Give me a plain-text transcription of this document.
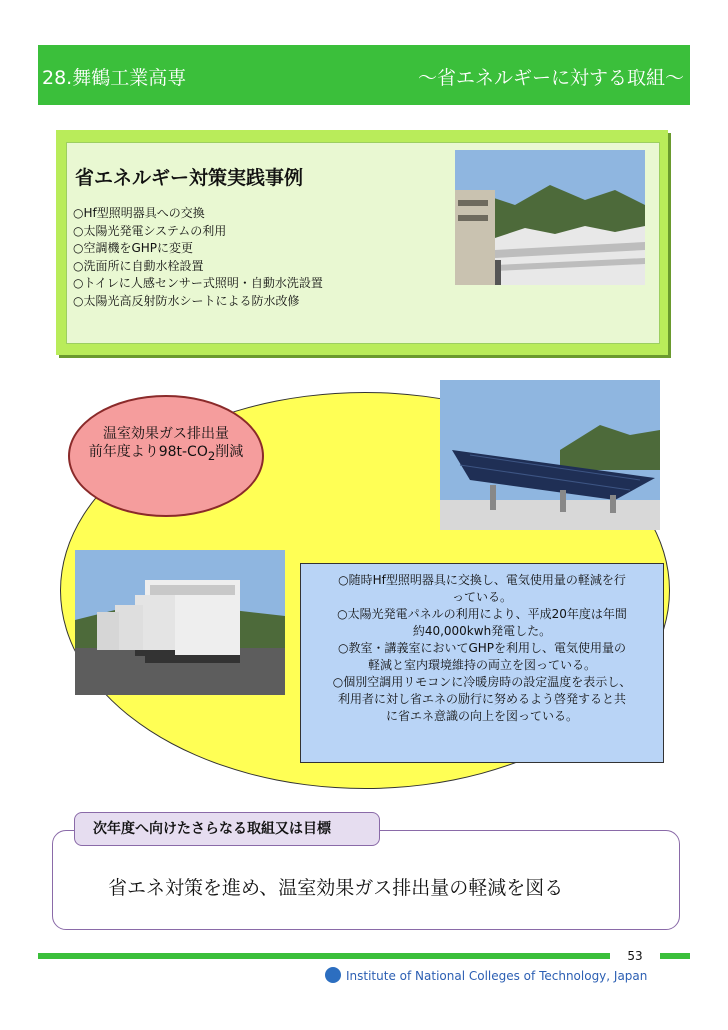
28.舞鶴工業高専	～省エネルギーに対する取組～
省エネルギー対策実践事例
○Hf型照明器具への交換
○太陽光発電システムの利用
○空調機をGHPに変更
○洗面所に自動水栓設置
○トイレに人感センサー式照明・自動水洗設置
○太陽光高反射防水シートによる防水改修
温室効果ガス排出量
前年度より$98t-CO_2$削減
○随時Hf型照明器具に交換し、電気使用量の軽減を行
っている。
○太陽光発電パネルの利用により、平成20年度は年間
約40,000kwh発電した。
○教室・講義室においてGHPを利用し、電気使用量の
軽減と室内環境維持の両立を図っている。
○個別空調用リモコンに冷暖房時の設定温度を表示し、
利用者に対し省エネの励行に努めるよう啓発すると共
に省エネ意識の向上を図っている。
次年度へ向けたさらなる取組又は目標
省エネ対策を進め、温室効果ガス排出量の軽減を図る
53
Institute of National Colleges of Technology, Japan
